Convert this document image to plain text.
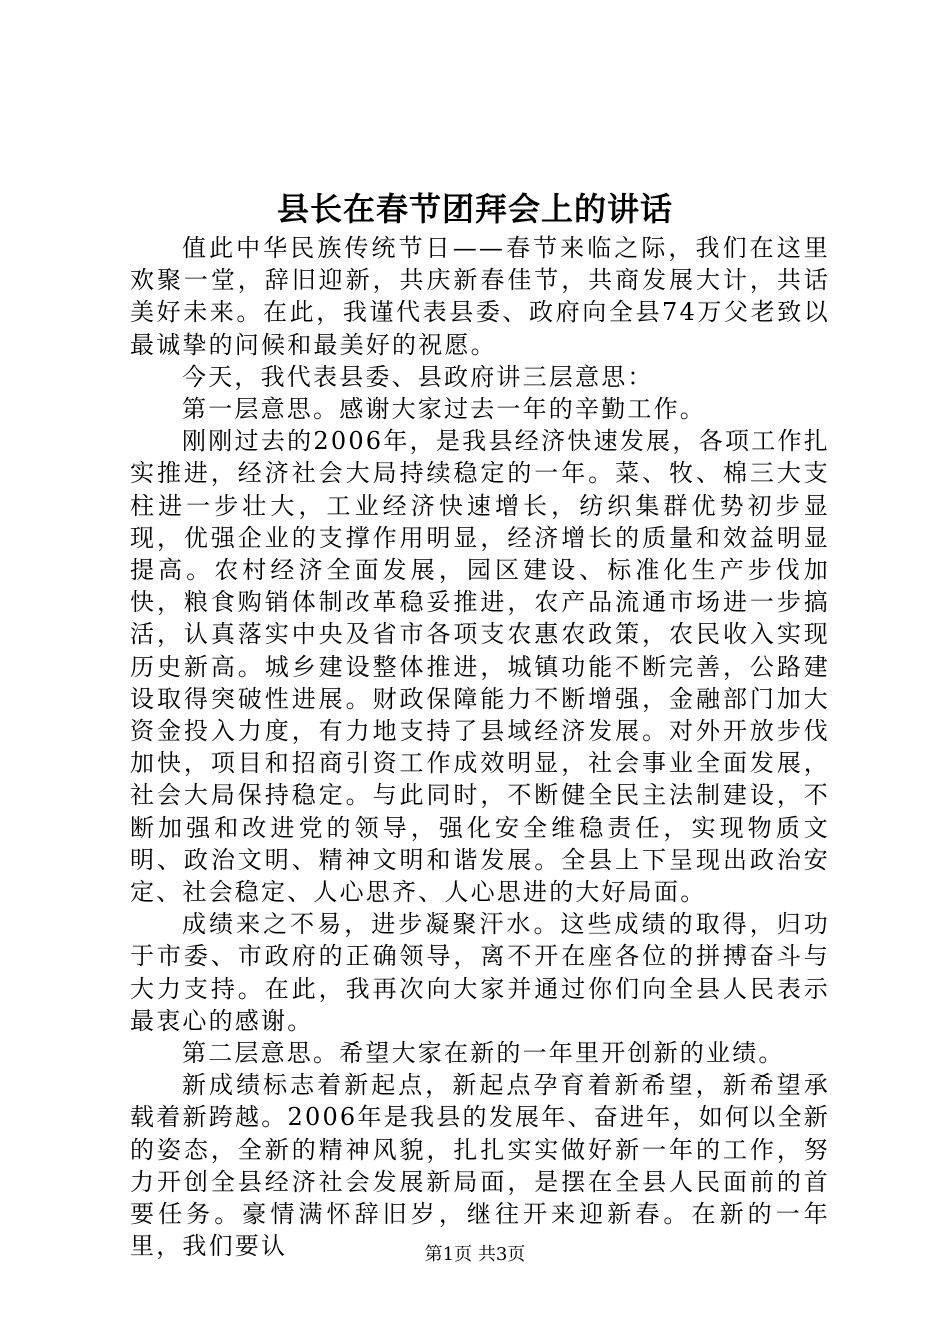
县长在春节团拜会上的讲话

值此中华民族传统节日——春节来临之际，我们在这里欢聚一堂，辞旧迎新，共庆新春佳节，共商发展大计，共话美好未来。在此，我谨代表县委、政府向全县74万父老致以最诚挚的问候和最美好的祝愿。

今天，我代表县委、县政府讲三层意思：

第一层意思。感谢大家过去一年的辛勤工作。

刚刚过去的2006年，是我县经济快速发展，各项工作扎实推进，经济社会大局持续稳定的一年。菜、牧、棉三大支柱进一步壮大，工业经济快速增长，纺织集群优势初步显现，优强企业的支撑作用明显，经济增长的质量和效益明显提高。农村经济全面发展，园区建设、标准化生产步伐加快，粮食购销体制改革稳妥推进，农产品流通市场进一步搞活，认真落实中央及省市各项支农惠农政策，农民收入实现历史新高。城乡建设整体推进，城镇功能不断完善，公路建设取得突破性进展。财政保障能力不断增强，金融部门加大资金投入力度，有力地支持了县域经济发展。对外开放步伐加快，项目和招商引资工作成效明显，社会事业全面发展，社会大局保持稳定。与此同时，不断健全民主法制建设，不断加强和改进党的领导，强化安全维稳责任，实现物质文明、政治文明、精神文明和谐发展。全县上下呈现出政治安定、社会稳定、人心思齐、人心思进的大好局面。

成绩来之不易，进步凝聚汗水。这些成绩的取得，归功于市委、市政府的正确领导，离不开在座各位的拼搏奋斗与大力支持。在此，我再次向大家并通过你们向全县人民表示最衷心的感谢。

第二层意思。希望大家在新的一年里开创新的业绩。

新成绩标志着新起点，新起点孕育着新希望，新希望承载着新跨越。2006年是我县的发展年、奋进年，如何以全新的姿态，全新的精神风貌，扎扎实实做好新一年的工作，努力开创全县经济社会发展新局面，是摆在全县人民面前的首要任务。豪情满怀辞旧岁，继往开来迎新春。在新的一年里，我们要认	第1页 共3页
